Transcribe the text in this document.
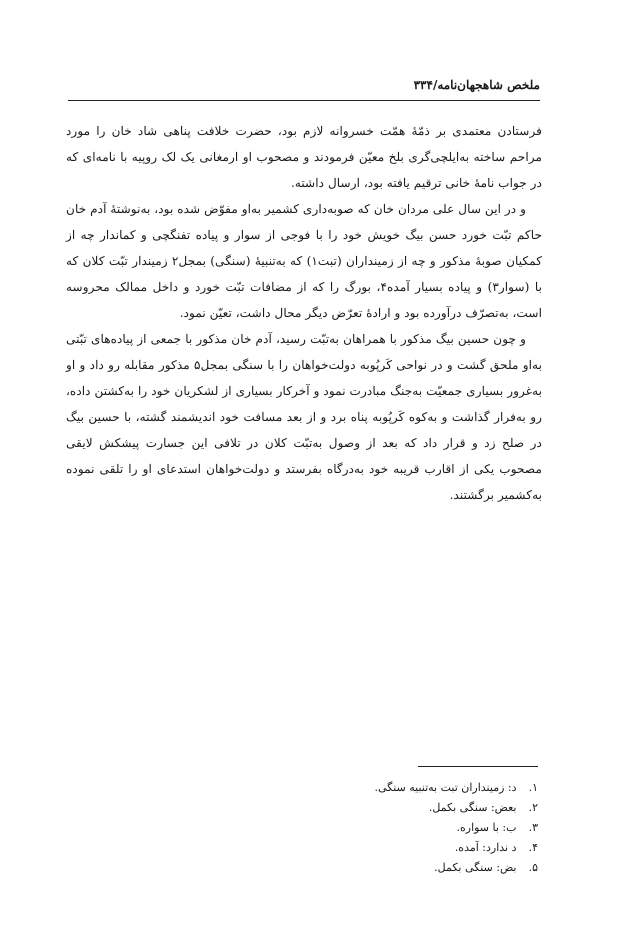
ملخص شاهجهان‌نامه/۳۳۴

فرستادن معتمدی بر ذمّهٔ همّت خسروانه لازم بود، حضرت خلافت پناهی شاد خان را مورد مراحم ساخته به‌ایلچی‌گری بلخ معیّن فرمودند و مصحوب او ارمغانی یک لک روپیه با نامه‌ای که در جواب نامهٔ خانی ترقیم یافته بود، ارسال داشته.

و در این سال علی مردان خان که صوبه‌داری کشمیر به‌او مفوّض شده بود، به‌نوشتهٔ آدم خان حاکم تبّت خورد حسن بیگ خویش خود را با فوجی از سوار و پیاده تفنگچی و کماندار چه از کمکیان صوبهٔ مذکور و چه از زمینداران (تبت۱) که به‌تنبیهٔ (سنگی) بمجل۲ زمیندار تبّت کلان که با (سوار۳) و پیاده بسیار آمده۴، بورگ را که از مضافات تبّت خورد و داخل ممالک محروسه است، به‌تصرّف درآورده بود و ارادهٔ تعرّض دیگر محال داشت، تعیّن نمود.

و چون حسین بیگ مذکور با همراهان به‌تبّت رسید، آدم خان مذکور با جمعی از پیاده‌های تبّتی به‌او ملحق گشت و در نواحی کَرپُوبه دولت‌خواهان را با سنگی بمجل۵ مذکور مقابله رو داد و او به‌غرور بسیاری جمعیّت به‌جنگ مبادرت نمود و آخرکار بسیاری از لشکریان خود را به‌کشتن داده، رو به‌فرار گذاشت و به‌کوه کَرپُوبه پناه برد و از بعد مسافت خود اندیشمند گشته، با حسین بیگ در صلح زد و قرار داد که بعد از وصول به‌تبّت کلان در تلافی این جسارت پیشکش لایقی مصحوب یکی از اقارب قریبه خود به‌درگاه بفرستد و دولت‌خواهان استدعای او را تلقی نموده به‌کشمیر برگشتند.

۱. د: زمینداران تبت به‌تنبیه سنگی.
۲. بعض: سنگی بکمل.
۳. ب: با سواره.
۴. د ندارد: آمده.
۵. بض: سنگی بکمل.
